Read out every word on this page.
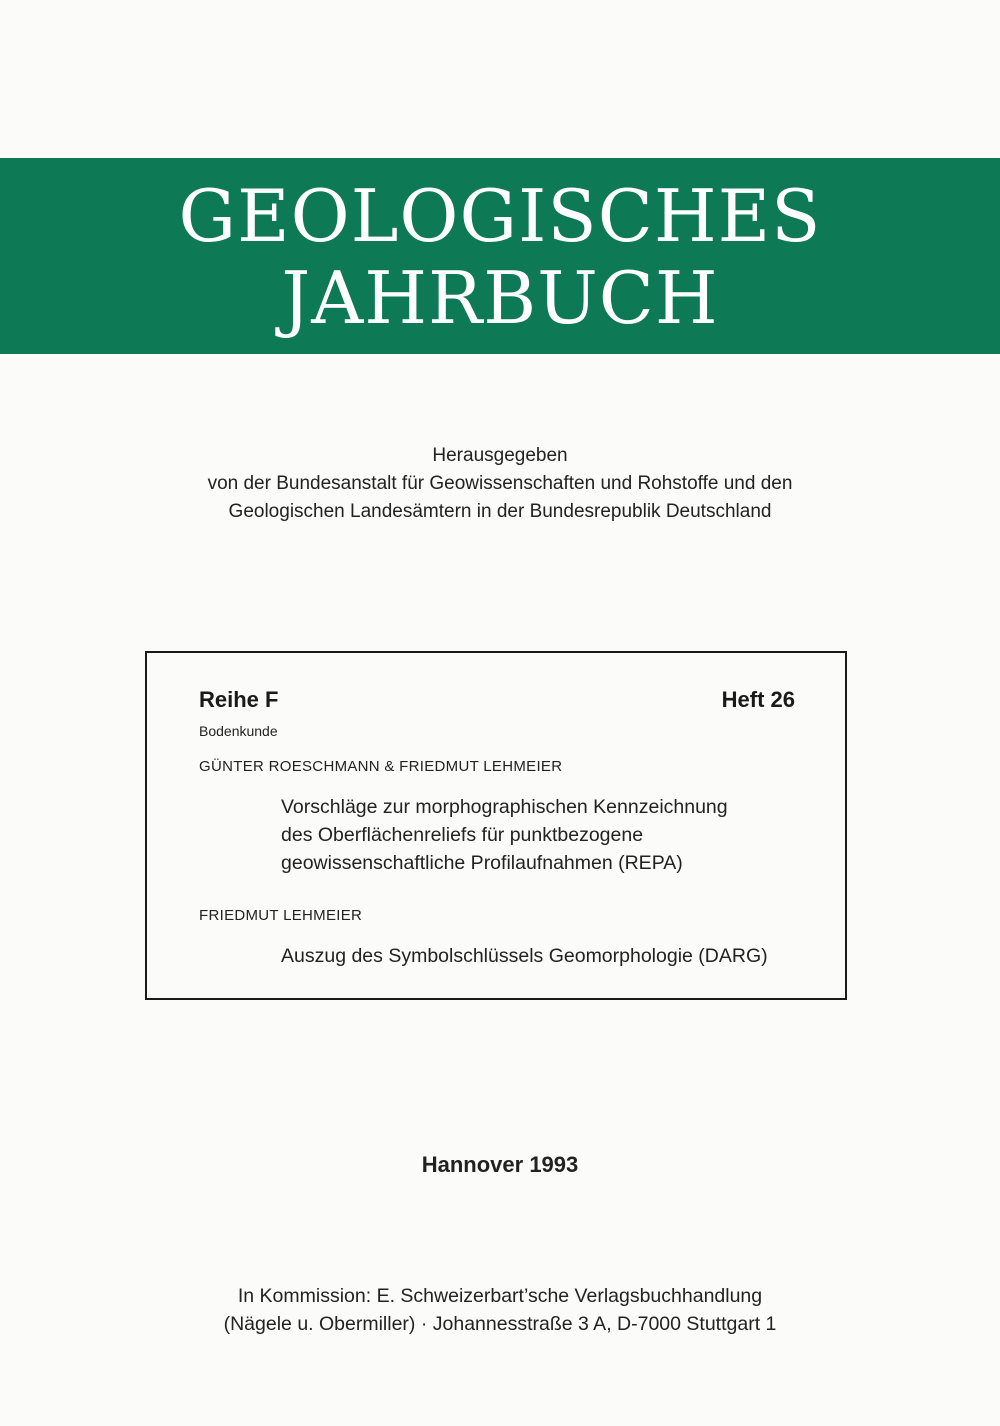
GEOLOGISCHES
JAHRBUCH
Herausgegeben
von der Bundesanstalt für Geowissenschaften und Rohstoffe und den
Geologischen Landesämtern in der Bundesrepublik Deutschland
Reihe F	Heft 26
Bodenkunde
GÜNTER ROESCHMANN & FRIEDMUT LEHMEIER
Vorschläge zur morphographischen Kennzeichnung
des Oberflächenreliefs für punktbezogene
geowissenschaftliche Profilaufnahmen (REPA)
FRIEDMUT LEHMEIER
Auszug des Symbolschlüssels Geomorphologie (DARG)
Hannover 1993
In Kommission: E. Schweizerbart’sche Verlagsbuchhandlung
(Nägele u. Obermiller) · Johannesstraße 3 A, D-7000 Stuttgart 1
